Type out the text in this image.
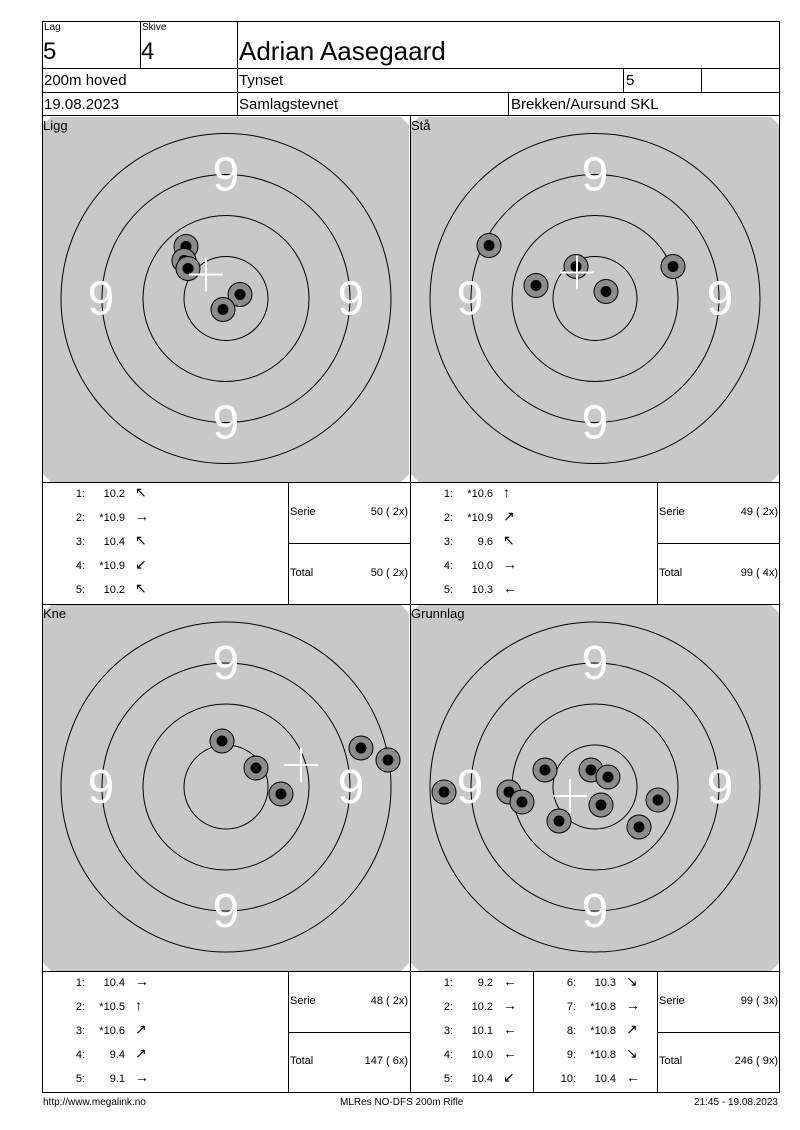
Lag
5
Skive
4	Adrian Aasegaard
200m hoved	Tynset	5
19.08.2023	Samlagstevnet	Brekken/Aursund SKL
9
9
9	9
9
9
9	9
9
9
9	9
9
9
9	9
Ligg	Stå
Kne	Grunnlag
1:	10.2 ↖
2:	*10.9 →
3:	10.4 ↖
4:	*10.9 ↙
5:	10.2 ↖
1:	*10.6 ↑
2:	*10.9 ↗
3:	9.6 ↖
4:	10.0 →
5:	10.3 ←
1:	10.4 →
2:	*10.5 ↑
3:	*10.6 ↗
4:	9.4 ↗
5:	9.1 →
1:	9.2 ←
2:	10.2 →
3:	10.1 ←
4:	10.0 ←
5:	10.4 ↙
6:	10.3 ↘
7:	*10.8 →
8:	*10.8 ↗
9:	*10.8 ↘
10:	10.4 ←
Serie	50 ( 2x)
Total	50 ( 2x)
Serie	49 ( 2x)
Total	99 ( 4x)
Serie	48 ( 2x)
Total	147 ( 6x)
Serie	99 ( 3x)
Total	246 ( 9x)
http://www.megalink.no	MLRes NO-DFS 200m Rifle	21:45 - 19.08.2023
